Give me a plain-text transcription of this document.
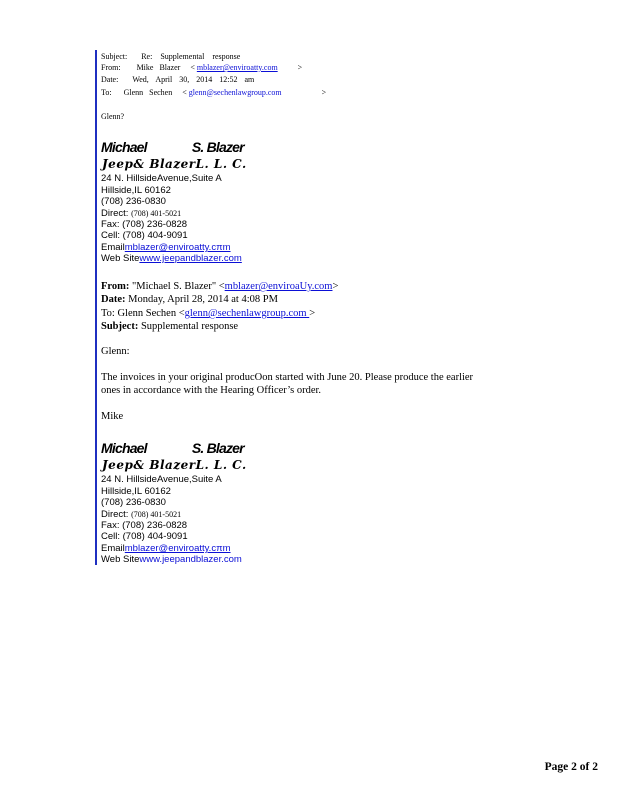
Subject: Re: Supplemental response
From: Mike Blazer < mblazer@enviroatty.com	>
Date: Wed, April 30, 2014 12:52 am
To: Glenn Sechen < glenn@sechenlawgroup.com	>
Glenn?
Michael	S. Blazer
Jeep& BlazerL. L. C.
24 N. HillsideAvenue,Suite A
Hillside,IL 60162
(708) 236-0830
Direct: (708) 401-5021
Fax: (708) 236-0828
Cell: (708) 404-9091
Emailmblazer@enviroatty.cπm
Web Sitewww.jeepandblazer.com
From: "Michael S. Blazer" <mblazer@enviroaUy.com>
Date: Monday, April 28, 2014 at 4:08 PM
To: Glenn Sechen <glenn@sechenlawgroup.com >
Subject: Supplemental response
Glenn:
The invoices in your original producOon started with June 20. Please produce the earlier
ones in accordance with the Hearing Officer’s order.
Mike
Michael	S. Blazer
Jeep& BlazerL. L. C.
24 N. HillsideAvenue,Suite A
Hillside,IL 60162
(708) 236-0830
Direct: (708) 401-5021
Fax: (708) 236-0828
Cell: (708) 404-9091
Emailmblazer@enviroatty.cπm
Web Sitewww.jeepandblazer.com
Page 2 of 2
